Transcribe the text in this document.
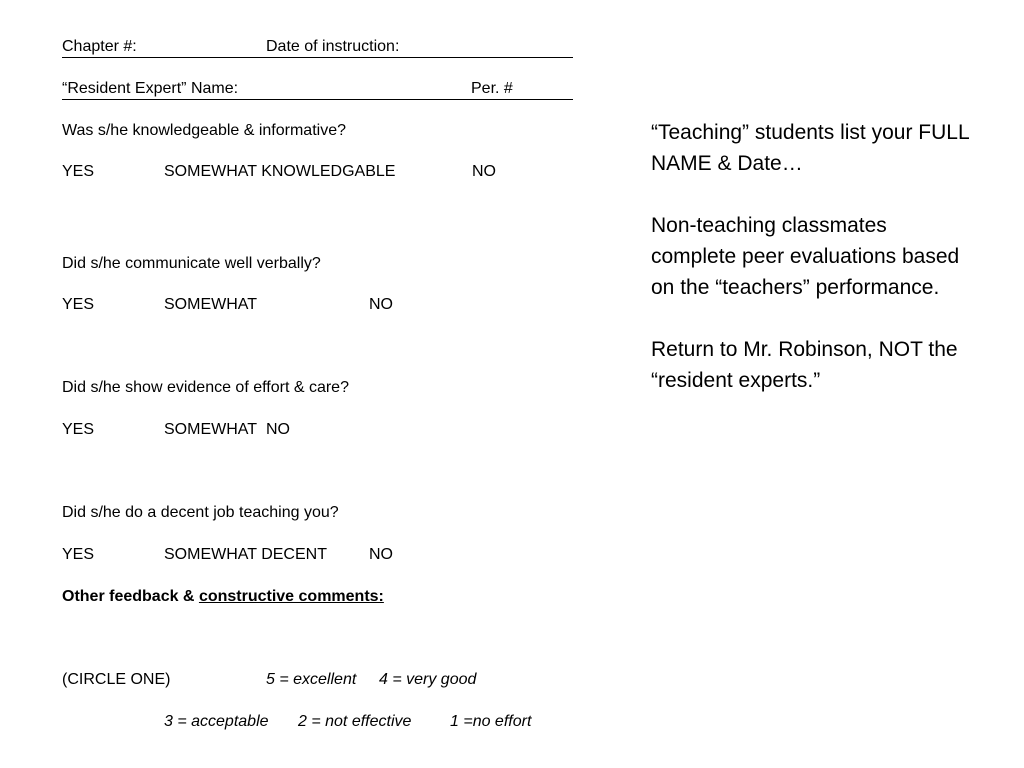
Chapter #:	Date of instruction:
“Resident Expert” Name:	Per. #
Was s/he knowledgeable & informative?
YES	SOMEWHAT KNOWLEDGABLE	NO
Did s/he communicate well verbally?
YES	SOMEWHAT	NO
Did s/he show evidence of effort & care?
YES	SOMEWHAT NO
Did s/he do a decent job teaching you?
YES	SOMEWHAT DECENT	NO
Other feedback & constructive comments:
(CIRCLE ONE)	5 = excellent 4 = very good
3 = acceptable 2 = not effective 1 =no effort

“Teaching” students list your FULL NAME & Date…

Non-teaching classmates complete peer evaluations based on the “teachers” performance.

Return to Mr. Robinson, NOT the “resident experts.”
